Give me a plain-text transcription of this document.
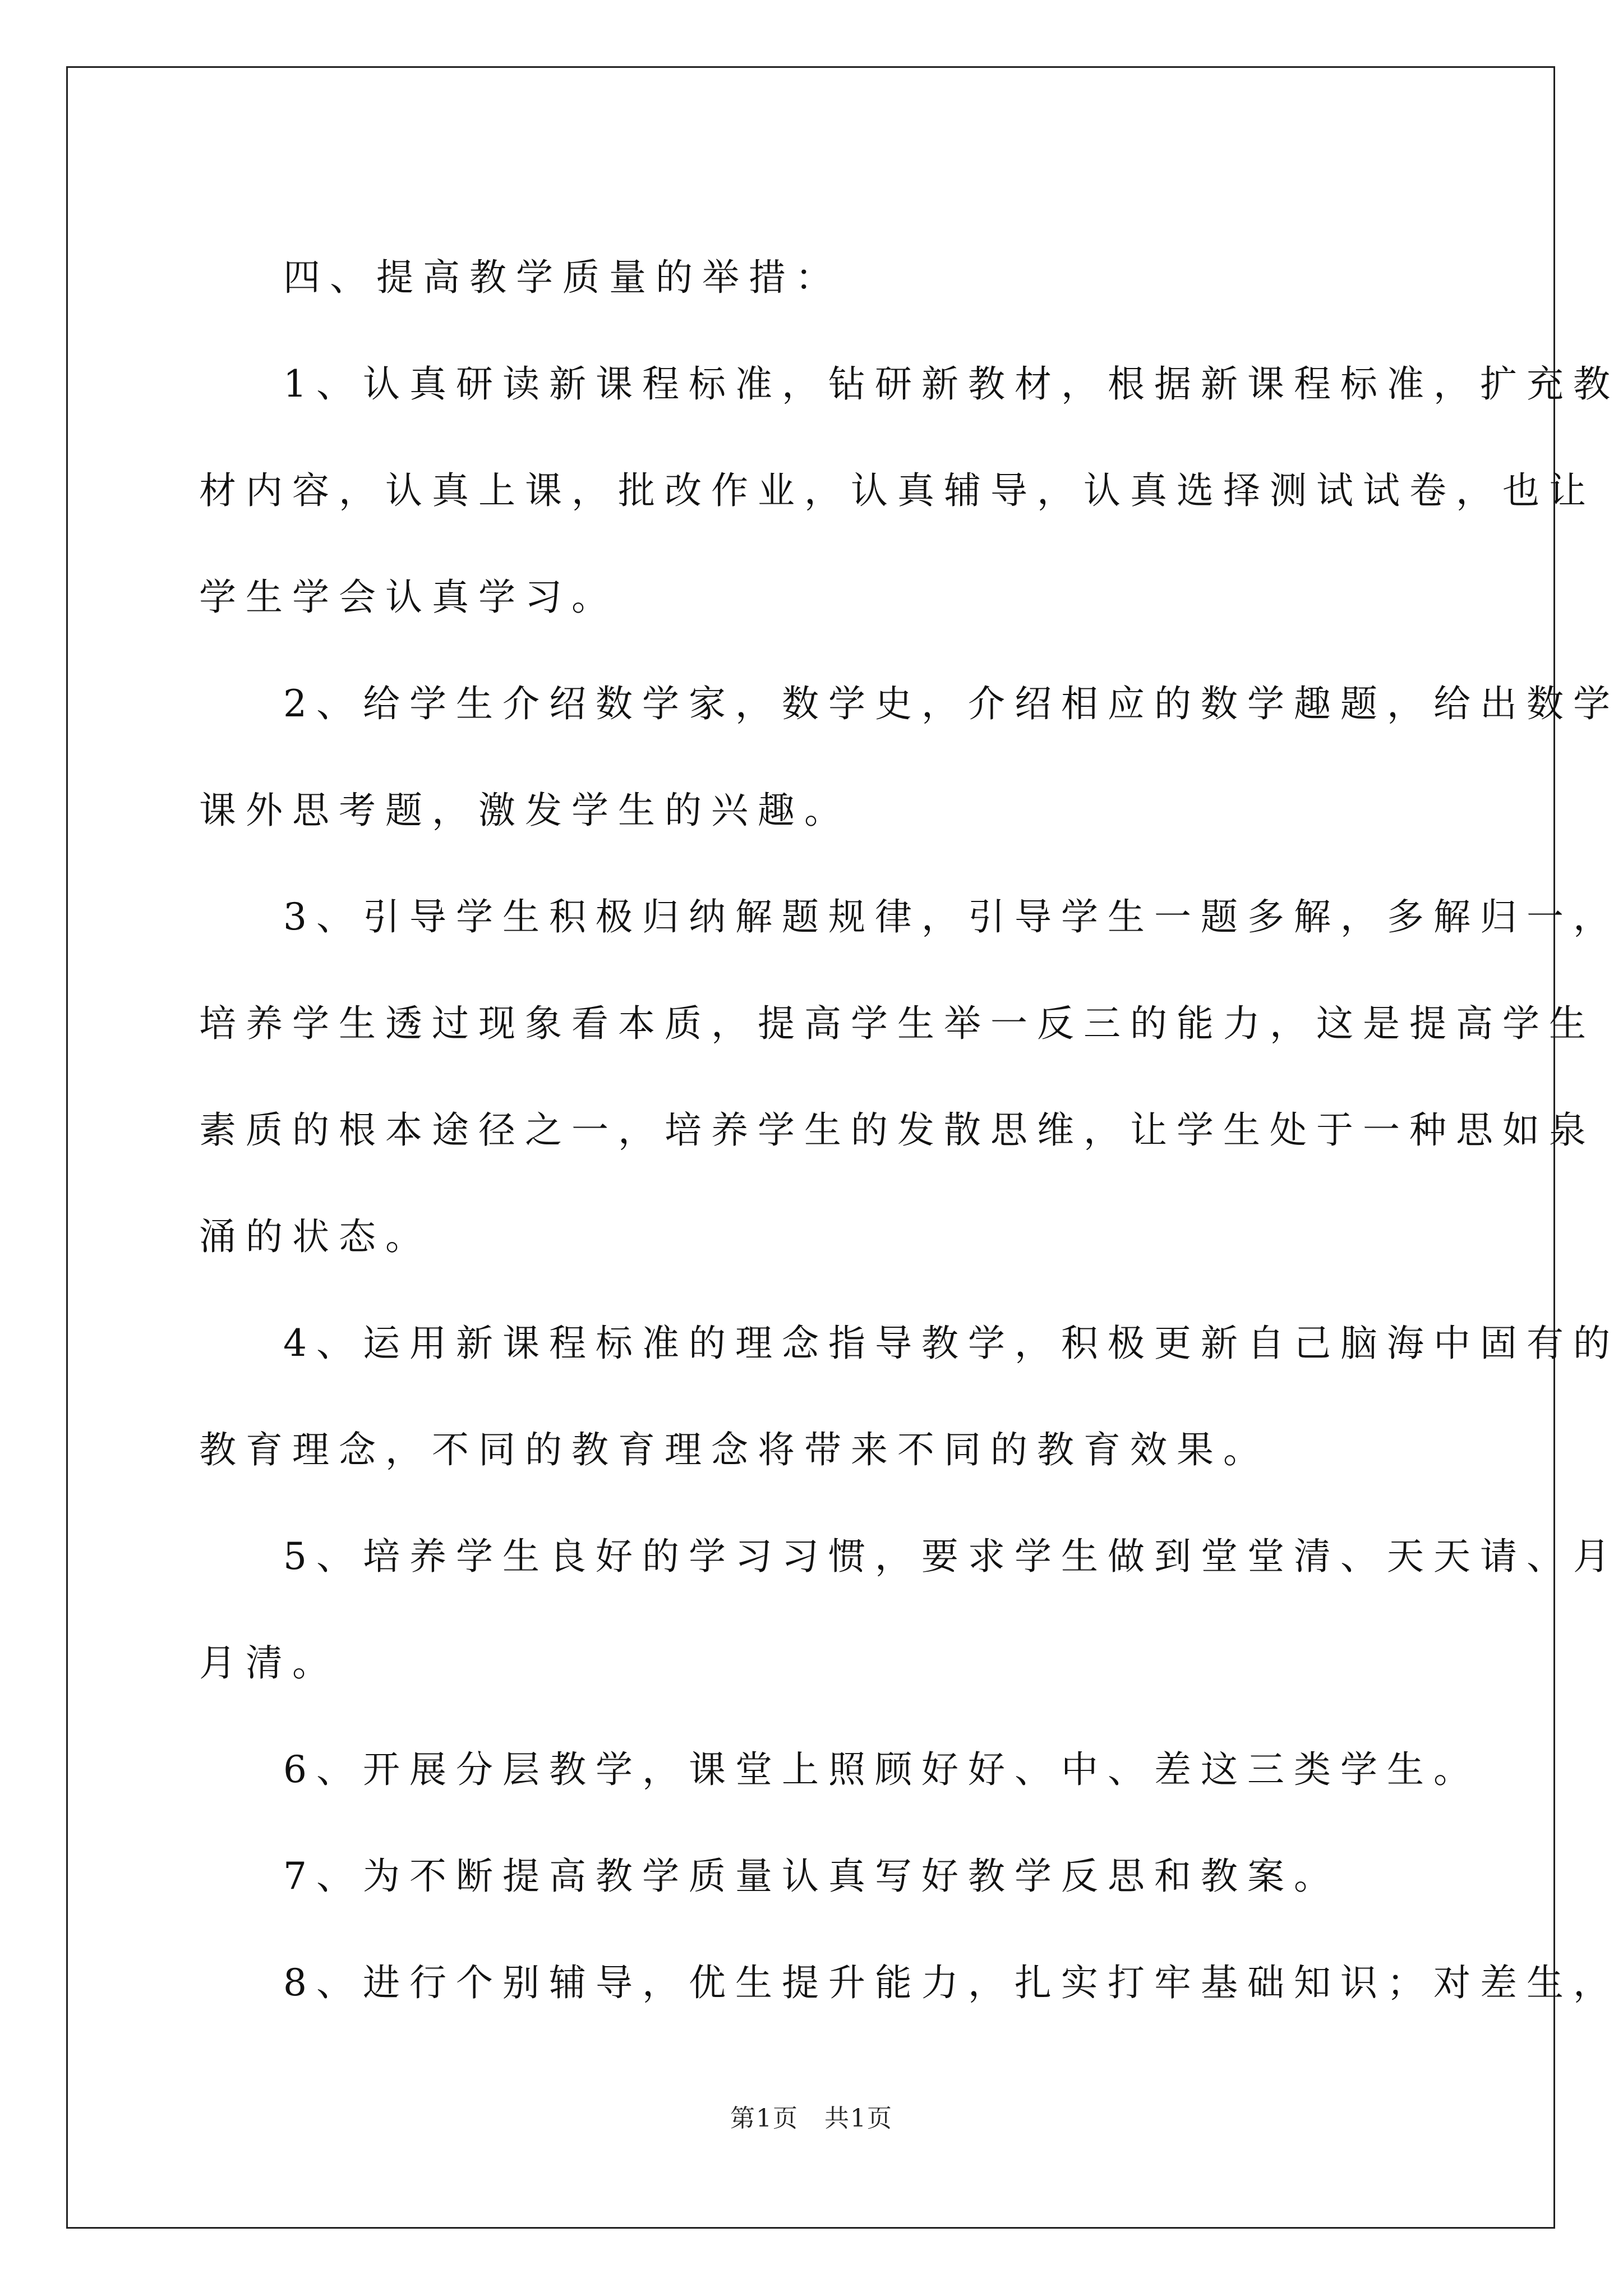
四、提高教学质量的举措：

1、认真研读新课程标准，钻研新教材，根据新课程标准，扩充教
材内容，认真上课，批改作业，认真辅导，认真选择测试试卷，也让
学生学会认真学习。

2、给学生介绍数学家，数学史，介绍相应的数学趣题，给出数学
课外思考题，激发学生的兴趣。

3、引导学生积极归纳解题规律，引导学生一题多解，多解归一，
培养学生透过现象看本质，提高学生举一反三的能力，这是提高学生
素质的根本途径之一，培养学生的发散思维，让学生处于一种思如泉
涌的状态。

4、运用新课程标准的理念指导教学，积极更新自己脑海中固有的
教育理念，不同的教育理念将带来不同的教育效果。

5、培养学生良好的学习习惯，要求学生做到堂堂清、天天请、月
月清。

6、开展分层教学，课堂上照顾好好、中、差这三类学生。

7、为不断提高教学质量认真写好教学反思和教案。

8、进行个别辅导，优生提升能力，扎实打牢基础知识；对差生，

第1页　共1页
